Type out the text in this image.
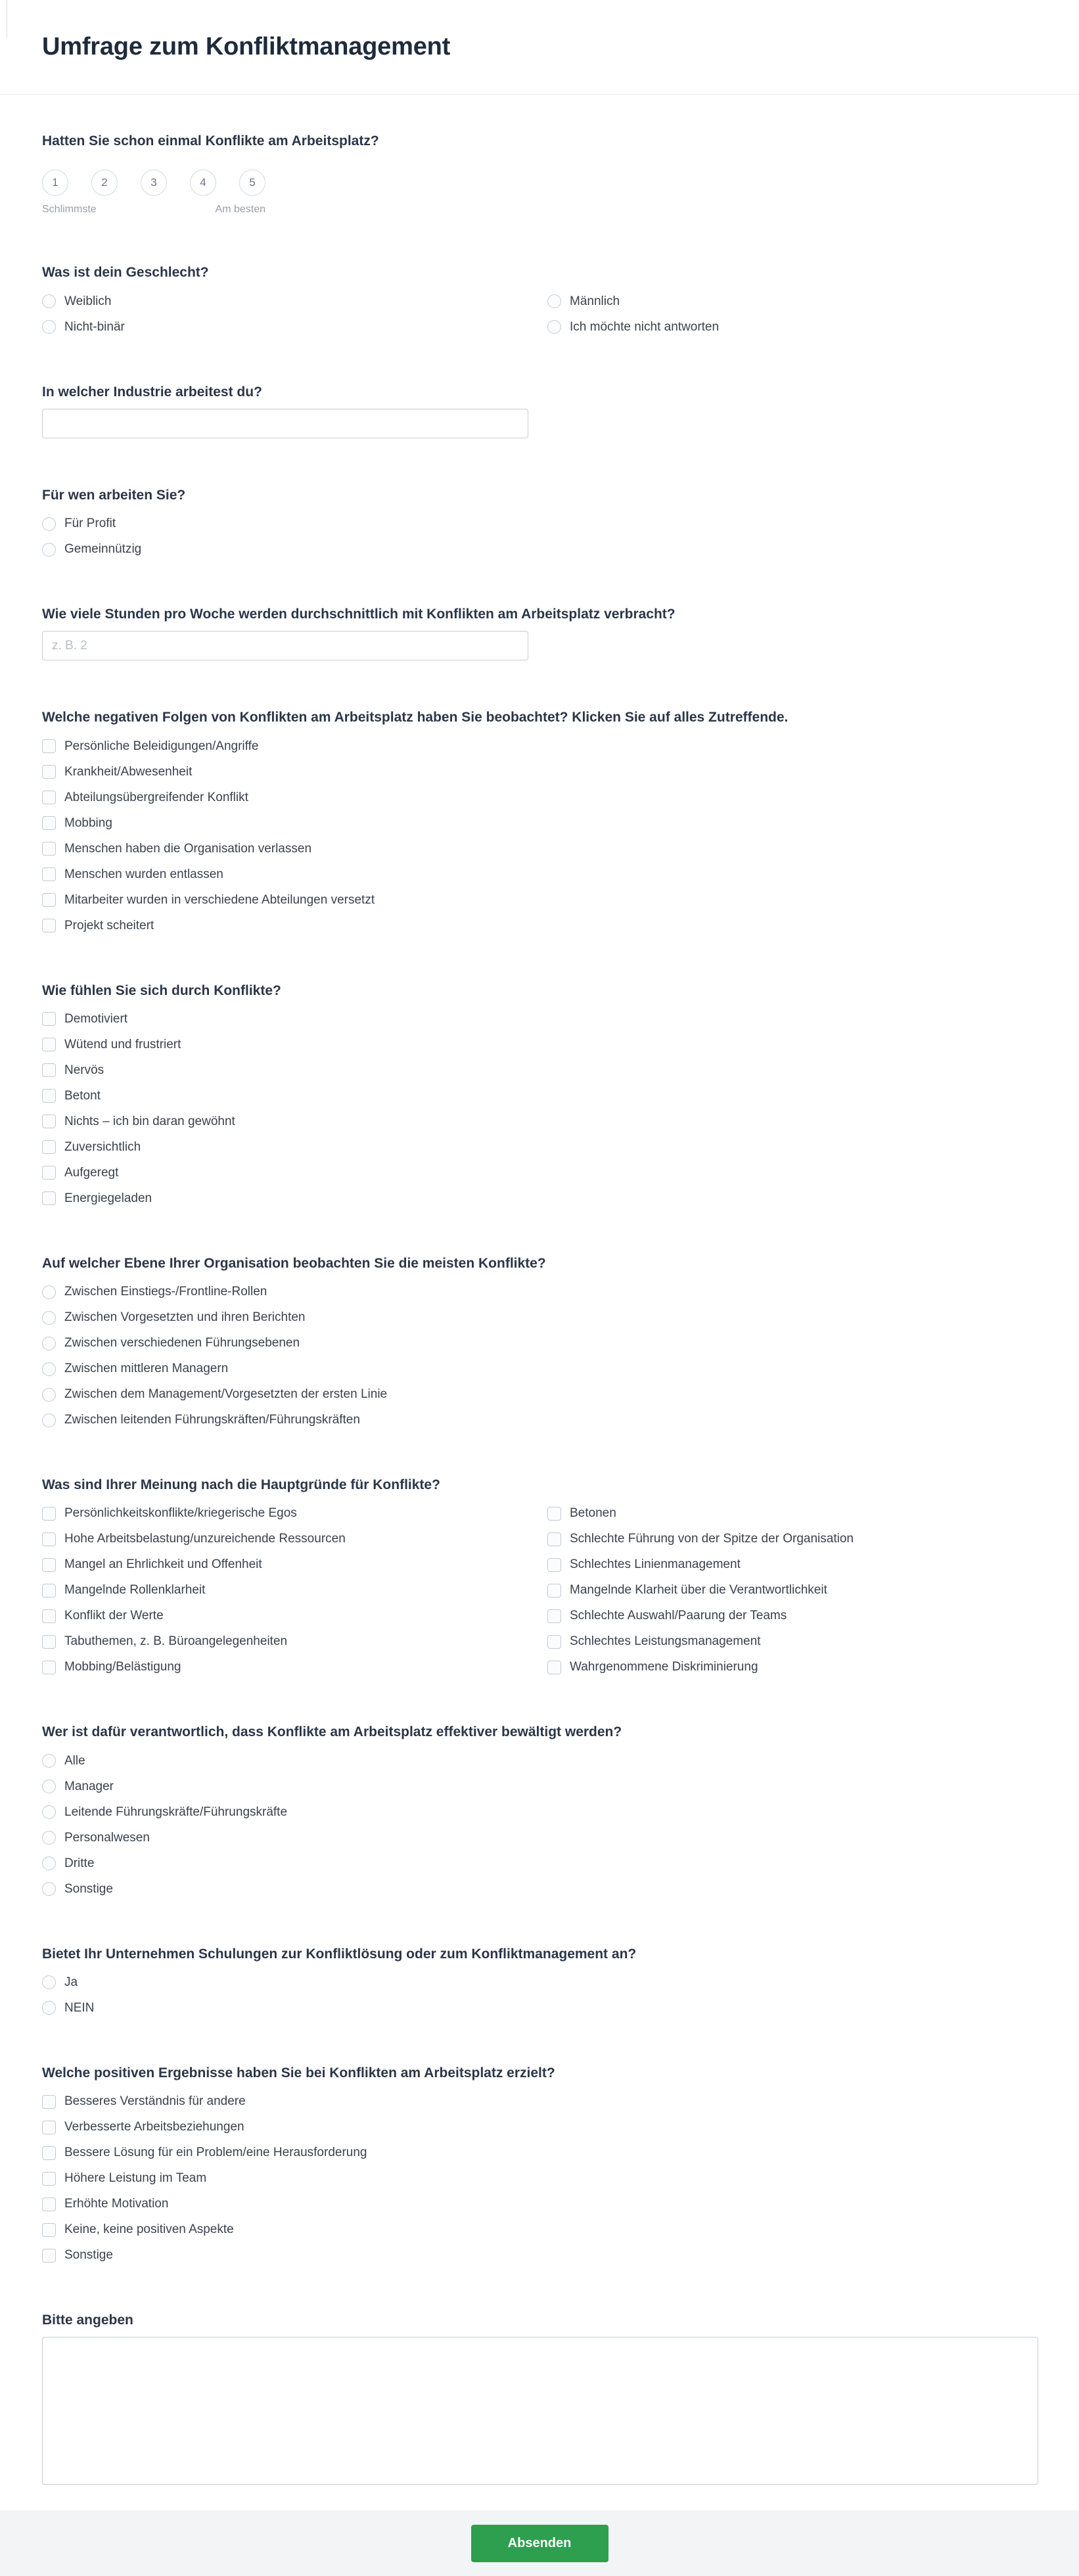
Umfrage zum Konfliktmanagement
Hatten Sie schon einmal Konflikte am Arbeitsplatz?
1	2	3	4	5
Schlimmste	Am besten
Was ist dein Geschlecht?
Weiblich	Männlich
Nicht-binär	Ich möchte nicht antworten
In welcher Industrie arbeitest du?
Für wen arbeiten Sie?
Für Profit
Gemeinnützig
Wie viele Stunden pro Woche werden durchschnittlich mit Konflikten am Arbeitsplatz verbracht?
z. B. 2
Welche negativen Folgen von Konflikten am Arbeitsplatz haben Sie beobachtet? Klicken Sie auf alles Zutreffende.
Persönliche Beleidigungen/Angriffe
Krankheit/Abwesenheit
Abteilungsübergreifender Konflikt
Mobbing
Menschen haben die Organisation verlassen
Menschen wurden entlassen
Mitarbeiter wurden in verschiedene Abteilungen versetzt
Projekt scheitert
Wie fühlen Sie sich durch Konflikte?
Demotiviert
Wütend und frustriert
Nervös
Betont
Nichts – ich bin daran gewöhnt
Zuversichtlich
Aufgeregt
Energiegeladen
Auf welcher Ebene Ihrer Organisation beobachten Sie die meisten Konflikte?
Zwischen Einstiegs-/Frontline-Rollen
Zwischen Vorgesetzten und ihren Berichten
Zwischen verschiedenen Führungsebenen
Zwischen mittleren Managern
Zwischen dem Management/Vorgesetzten der ersten Linie
Zwischen leitenden Führungskräften/Führungskräften
Was sind Ihrer Meinung nach die Hauptgründe für Konflikte?
Persönlichkeitskonflikte/kriegerische Egos	Betonen
Hohe Arbeitsbelastung/unzureichende Ressourcen	Schlechte Führung von der Spitze der Organisation
Mangel an Ehrlichkeit und Offenheit	Schlechtes Linienmanagement
Mangelnde Rollenklarheit	Mangelnde Klarheit über die Verantwortlichkeit
Konflikt der Werte	Schlechte Auswahl/Paarung der Teams
Tabuthemen, z. B. Büroangelegenheiten	Schlechtes Leistungsmanagement
Mobbing/Belästigung	Wahrgenommene Diskriminierung
Wer ist dafür verantwortlich, dass Konflikte am Arbeitsplatz effektiver bewältigt werden?
Alle
Manager
Leitende Führungskräfte/Führungskräfte
Personalwesen
Dritte
Sonstige
Bietet Ihr Unternehmen Schulungen zur Konfliktlösung oder zum Konfliktmanagement an?
Ja
NEIN
Welche positiven Ergebnisse haben Sie bei Konflikten am Arbeitsplatz erzielt?
Besseres Verständnis für andere
Verbesserte Arbeitsbeziehungen
Bessere Lösung für ein Problem/eine Herausforderung
Höhere Leistung im Team
Erhöhte Motivation
Keine, keine positiven Aspekte
Sonstige
Bitte angeben
Absenden
